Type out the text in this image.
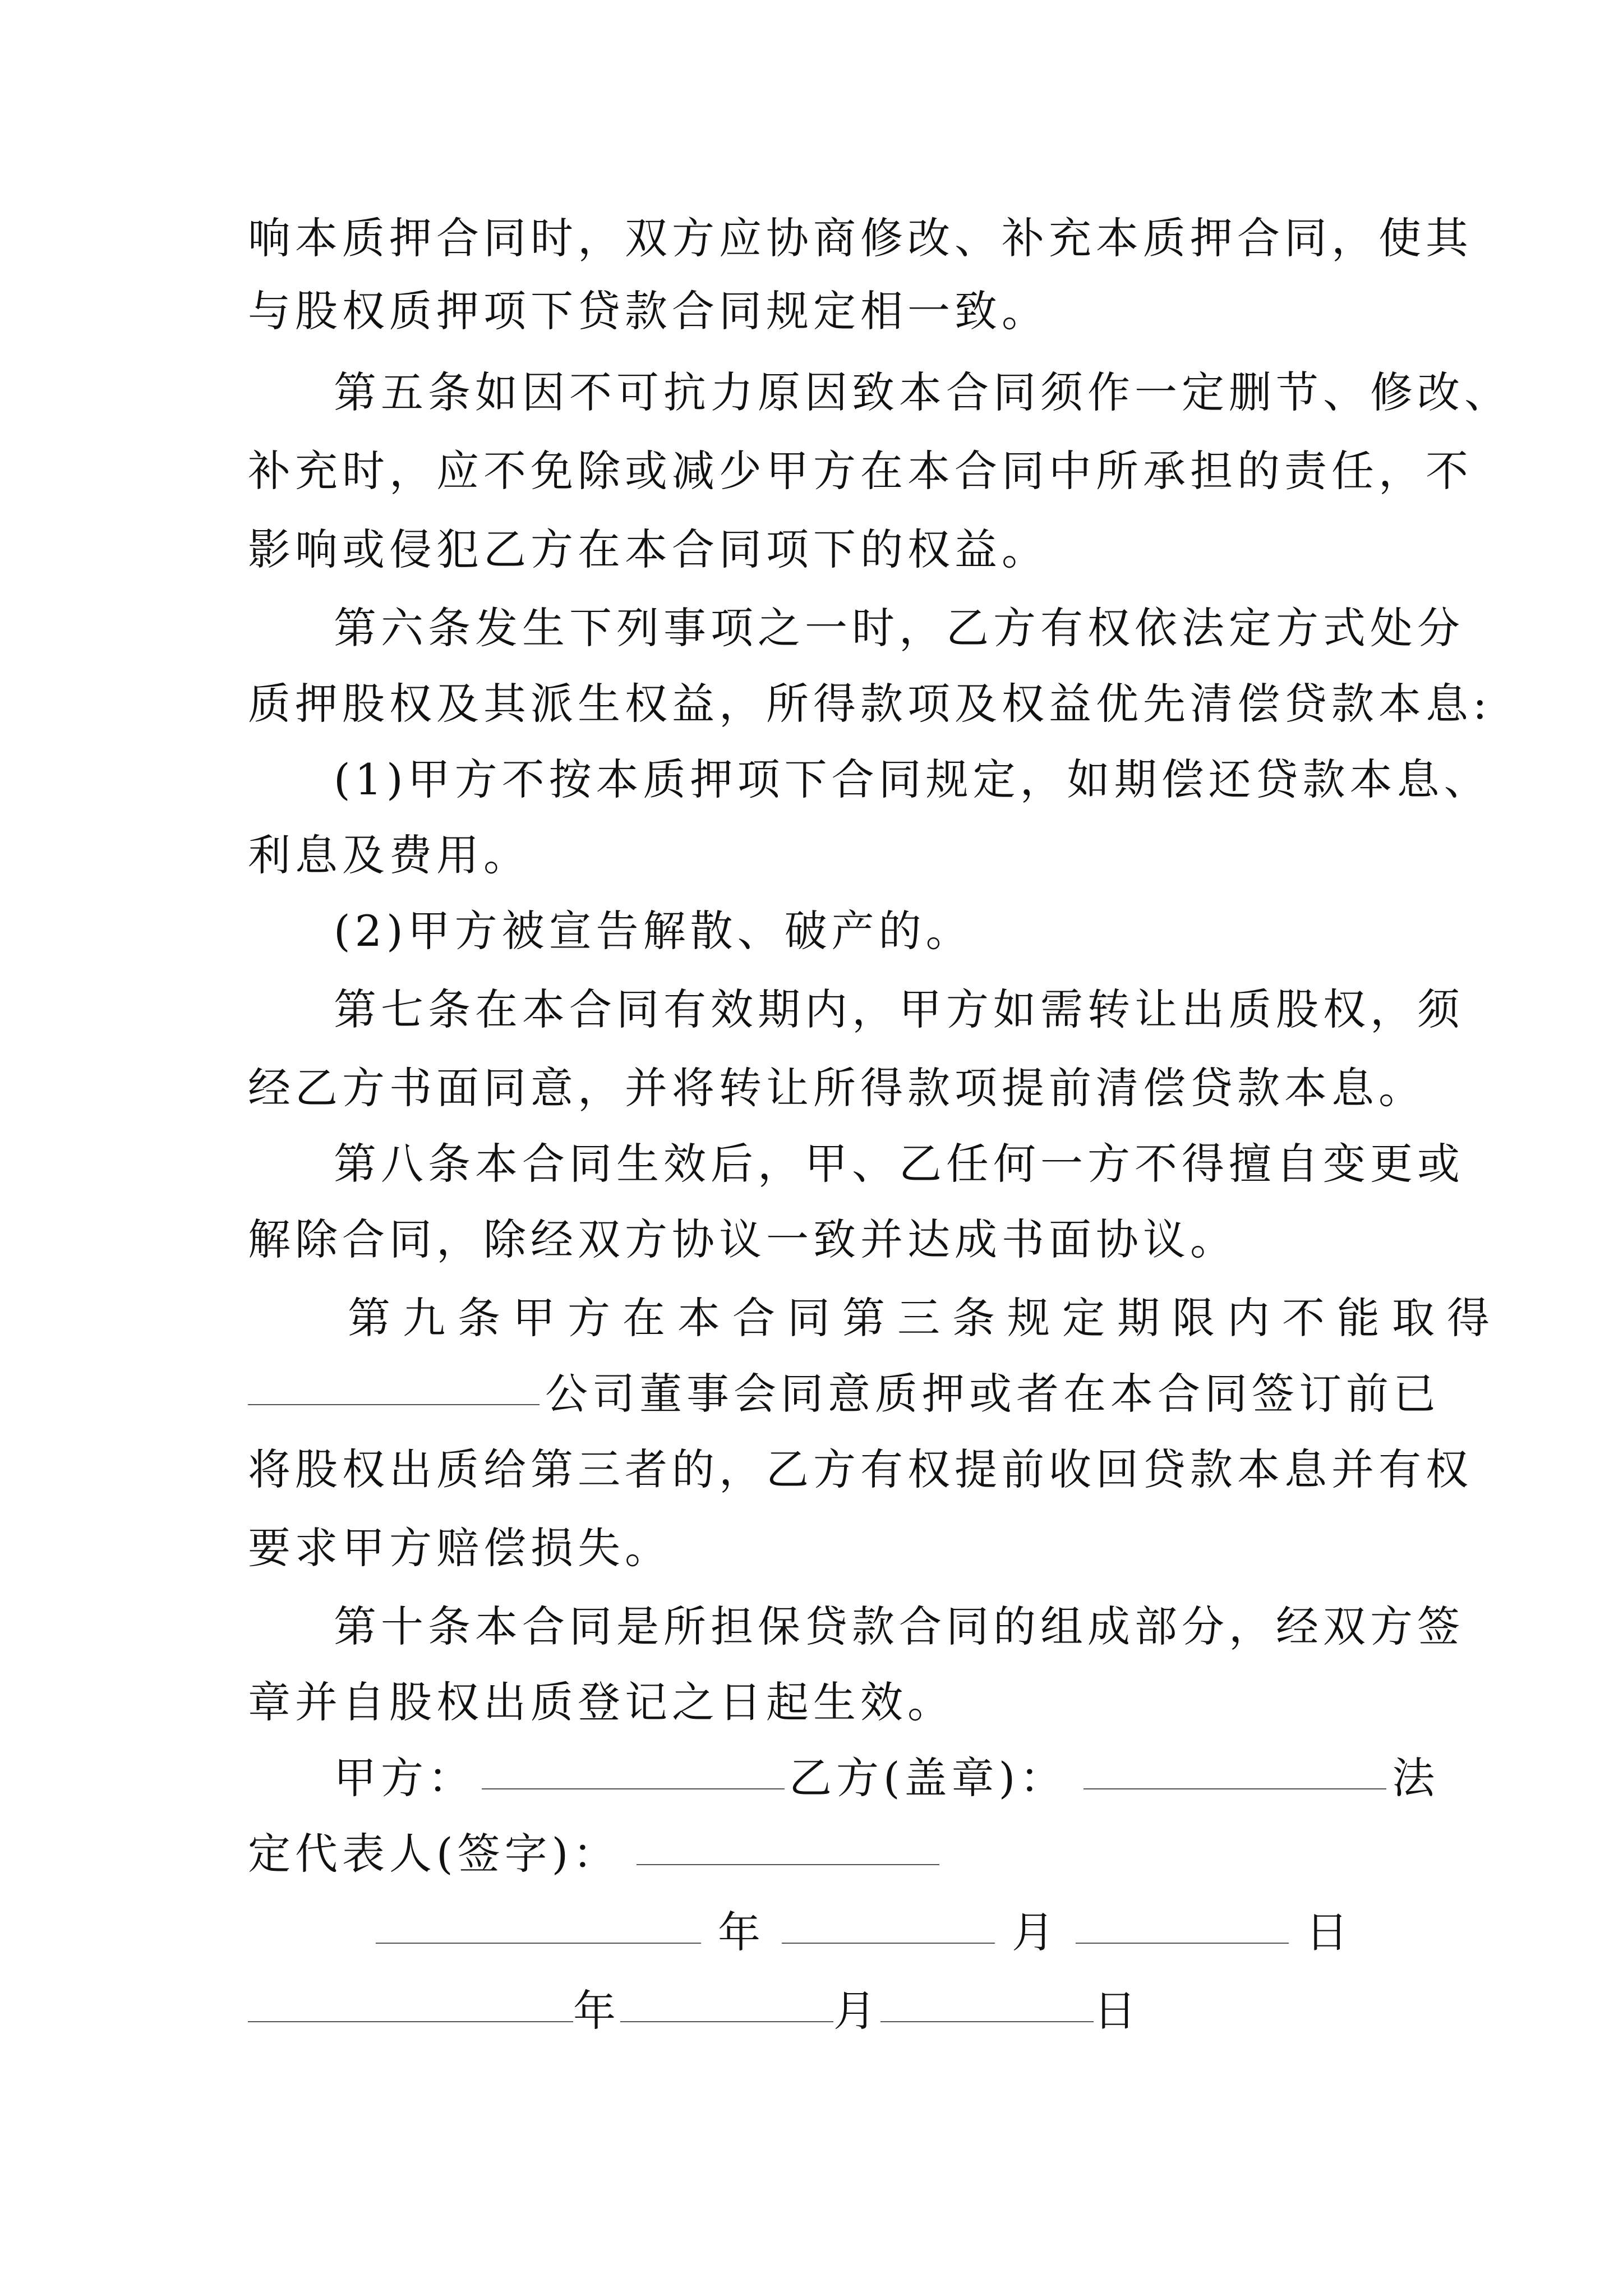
响本质押合同时，双方应协商修改、补充本质押合同，使其
与股权质押项下贷款合同规定相一致。
第五条如因不可抗力原因致本合同须作一定删节、修改、
补充时，应不免除或减少甲方在本合同中所承担的责任，不
影响或侵犯乙方在本合同项下的权益。
第六条发生下列事项之一时，乙方有权依法定方式处分
质押股权及其派生权益，所得款项及权益优先清偿贷款本息:
(1)甲方不按本质押项下合同规定，如期偿还贷款本息、
利息及费用。
(2)甲方被宣告解散、破产的。
第七条在本合同有效期内，甲方如需转让出质股权，须
经乙方书面同意，并将转让所得款项提前清偿贷款本息。
第八条本合同生效后，甲、乙任何一方不得擅自变更或
解除合同，除经双方协议一致并达成书面协议。
第九条甲方在本合同第三条规定期限内不能取得
公司董事会同意质押或者在本合同签订前已
将股权出质给第三者的，乙方有权提前收回贷款本息并有权
要求甲方赔偿损失。
第十条本合同是所担保贷款合同的组成部分，经双方签
章并自股权出质登记之日起生效。
甲方：	乙方(盖章)：	法
定代表人(签字)：
年	月	日
年	月	日
